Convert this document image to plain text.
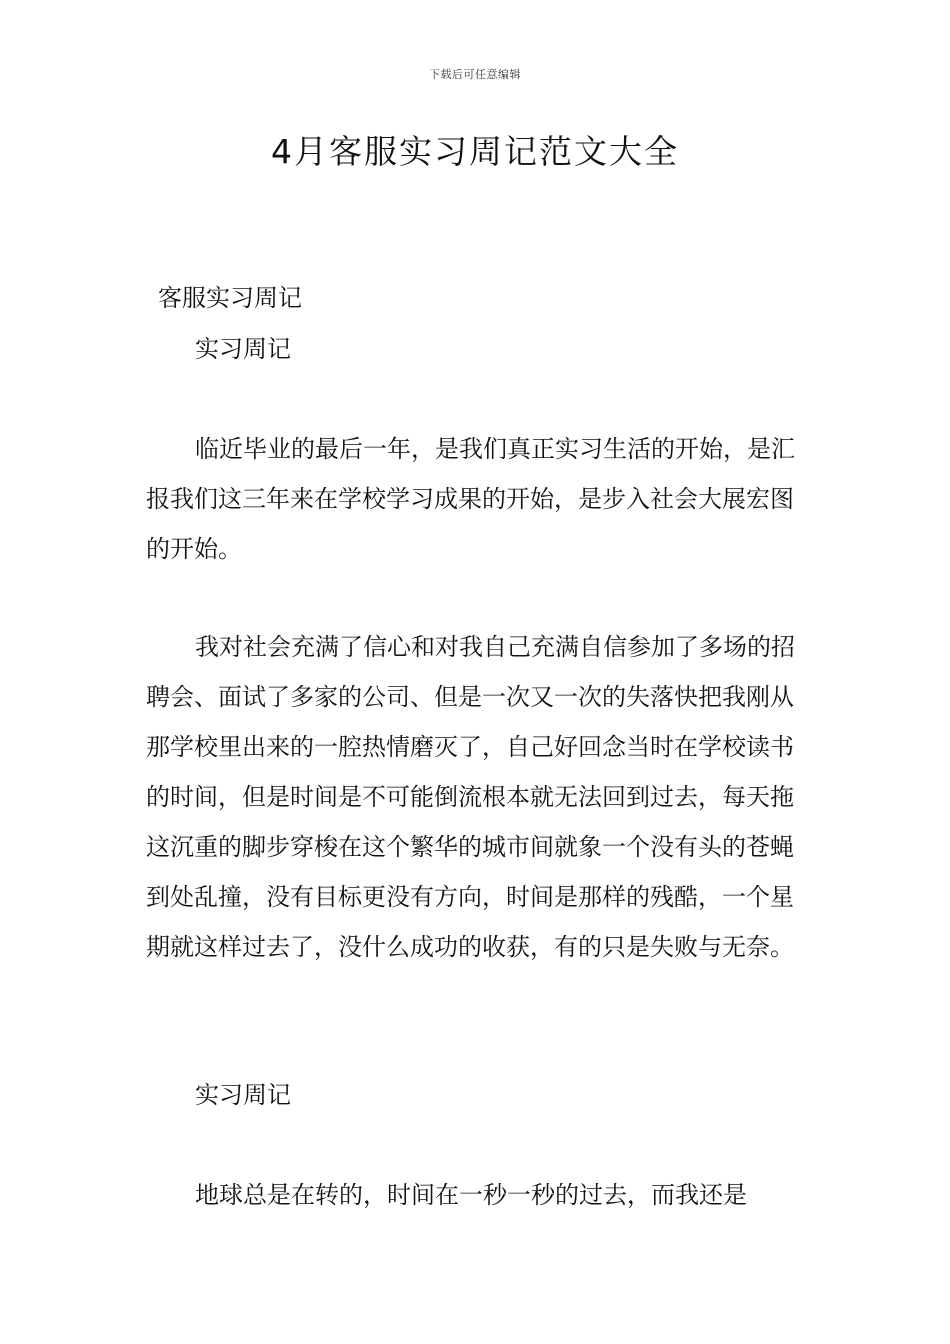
下载后可任意编辑
4月客服实习周记范文大全

客服实习周记

实习周记

临近毕业的最后一年，是我们真正实习生活的开始，是汇报我们这三年来在学校学习成果的开始，是步入社会大展宏图的开始。

我对社会充满了信心和对我自己充满自信参加了多场的招聘会、面试了多家的公司、但是一次又一次的失落快把我刚从那学校里出来的一腔热情磨灭了，自己好回念当时在学校读书的时间，但是时间是不可能倒流根本就无法回到过去，每天拖这沉重的脚步穿梭在这个繁华的城市间就象一个没有头的苍蝇到处乱撞，没有目标更没有方向，时间是那样的残酷，一个星期就这样过去了，没什么成功的收获，有的只是失败与无奈。

实习周记

地球总是在转的，时间在一秒一秒的过去，而我还是
